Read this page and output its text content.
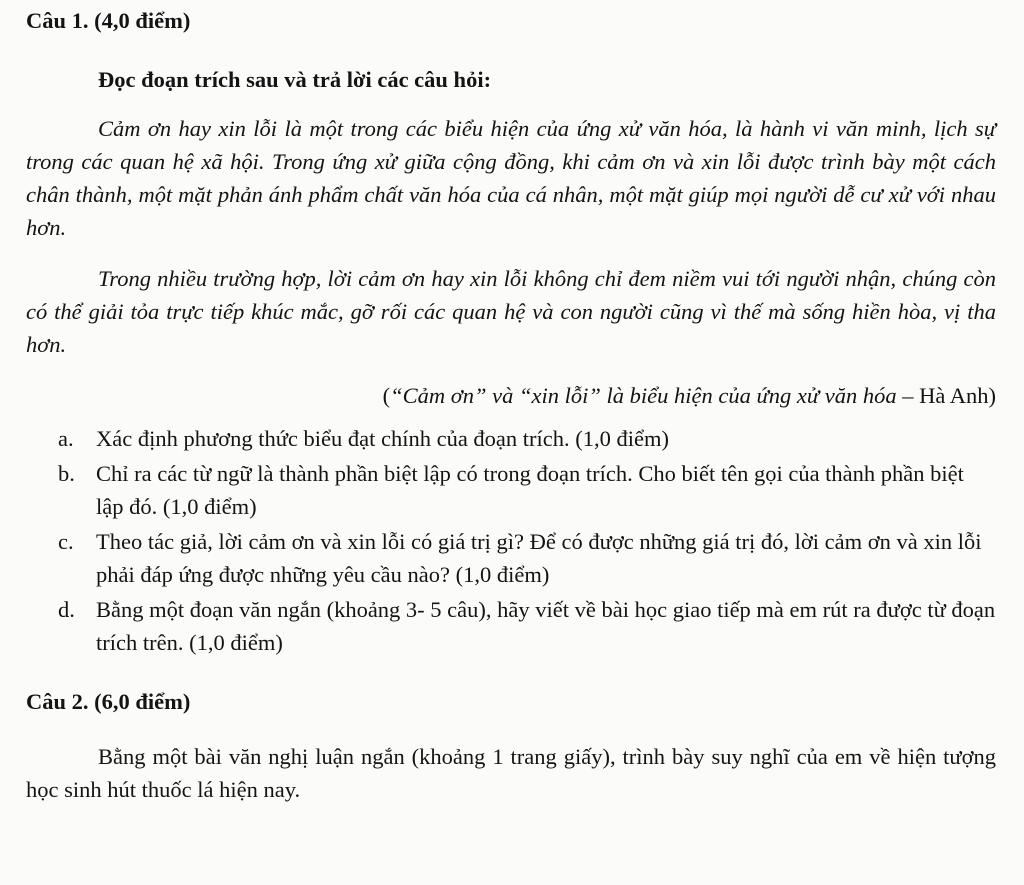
Câu 1. (4,0 điểm)

Đọc đoạn trích sau và trả lời các câu hỏi:

Cảm ơn hay xin lỗi là một trong các biểu hiện của ứng xử văn hóa, là hành vi văn minh, lịch sự trong các quan hệ xã hội. Trong ứng xử giữa cộng đồng, khi cảm ơn và xin lỗi được trình bày một cách chân thành, một mặt phản ánh phẩm chất văn hóa của cá nhân, một mặt giúp mọi người dễ cư xử với nhau hơn.

Trong nhiều trường hợp, lời cảm ơn hay xin lỗi không chỉ đem niềm vui tới người nhận, chúng còn có thể giải tỏa trực tiếp khúc mắc, gỡ rối các quan hệ và con người cũng vì thế mà sống hiền hòa, vị tha hơn.

(“Cảm ơn” và “xin lỗi” là biểu hiện của ứng xử văn hóa – Hà Anh)

a. Xác định phương thức biểu đạt chính của đoạn trích. (1,0 điểm)
b. Chỉ ra các từ ngữ là thành phần biệt lập có trong đoạn trích. Cho biết tên gọi của thành phần biệt lập đó. (1,0 điểm)
c. Theo tác giả, lời cảm ơn và xin lỗi có giá trị gì? Để có được những giá trị đó, lời cảm ơn và xin lỗi phải đáp ứng được những yêu cầu nào? (1,0 điểm)
d. Bằng một đoạn văn ngắn (khoảng 3- 5 câu), hãy viết về bài học giao tiếp mà em rút ra được từ đoạn trích trên. (1,0 điểm)

Câu 2. (6,0 điểm)

Bằng một bài văn nghị luận ngắn (khoảng 1 trang giấy), trình bày suy nghĩ của em về hiện tượng học sinh hút thuốc lá hiện nay.
